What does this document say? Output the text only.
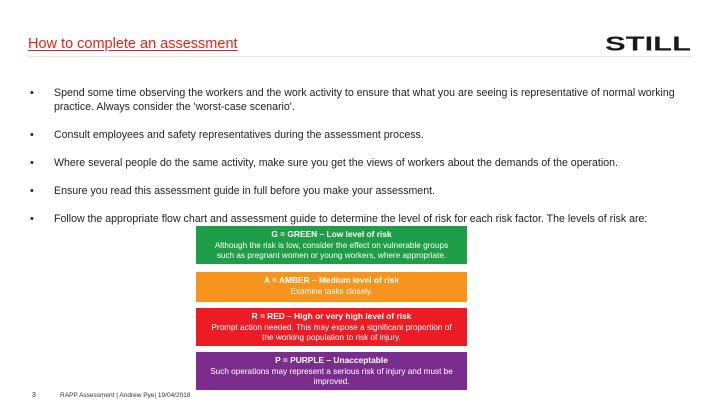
How to complete an assessment	STILL
• Spend some time observing the workers and the work activity to ensure that what you are seeing is representative of normal working practice. Always consider the 'worst-case scenario'.
• Consult employees and safety representatives during the assessment process.
• Where several people do the same activity, make sure you get the views of workers about the demands of the operation.
• Ensure you read this assessment guide in full before you make your assessment.
• Follow the appropriate flow chart and assessment guide to determine the level of risk for each risk factor. The levels of risk are:
G = GREEN – Low level of risk
Although the risk is low, consider the effect on vulnerable groups such as pregnant women or young workers, where appropriate.
A = AMBER – Medium level of risk
Examine tasks closely.
R = RED – High or very high level of risk
Prompt action needed. This may expose a significant proportion of the working population to risk of injury.
P = PURPLE – Unacceptable
Such operations may represent a serious risk of injury and must be improved.
3	RAPP Assessment | Andrew Pye| 19/04/2018
